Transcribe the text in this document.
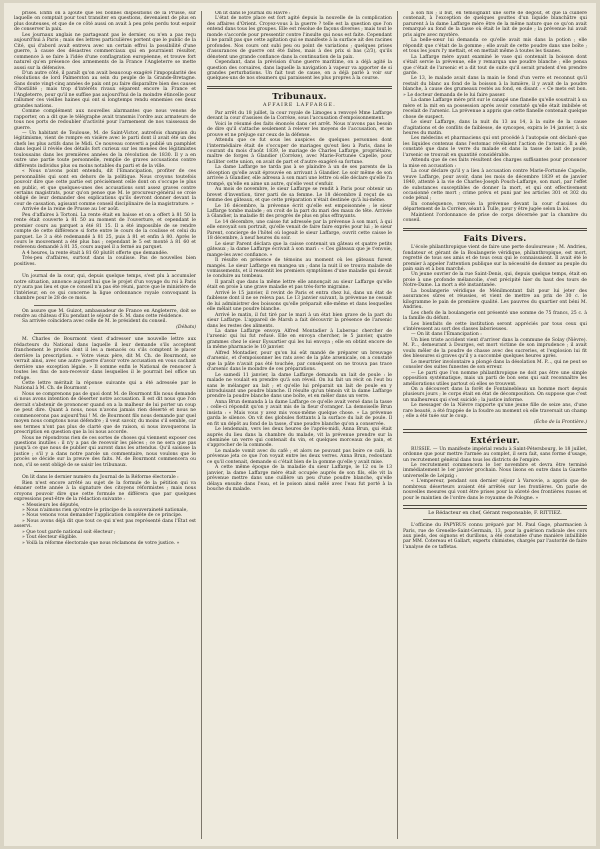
prises. Enfin on a ajouté que les bonnes dispositions de la Prusse, sur laquelle on comptait pour tout transiter en questions, devenaient de plus en plus douteuses, et que de ce côté aussi on avait à peu près perdu tout espoir de conserver la paix.

Les journaux anglais ne partageant pas le dernier, ou n'en a pas reçu aujourd'hui à Paris ; mais des lettres particulières portent que le public de la Cité, qui d'abord avait entrevu avec un certain effroi la possibilité d'une guerre, à cause des désastres commerciaux qui en pourraient résulter, commence à se faire à l'idée d'une conflagration européenne, et trouve fort naturel qu'en présence des armements de la France l'Angleterre se mette aussi sur la défensive.

D'un autre côté, il paraît qu'on avait beaucoup exagéré l'impopularité des résolutions de lord Palmerston au sein du peuple de la Grande-Bretagne. Sans doute vingt-cinq années de paix ont pu faire disparaître bien des causes d'hostilité ; mais trop d'intérêts rivaux séparent encore la France et l'Angleterre, pour qu'il ne suffise pas aujourd'hui de la moindre étincelle pour rallumer ces vieilles haines qui ont si longtemps rendu ennemies ces deux grandes nations.

Comme complément aux nouvelles alarmantes que nous venons de rapporter, on a dit que le télégraphe avait transmis l'ordre aux armateurs de tous nos ports de redoubler d'activité pour l'armement de nos vaisseaux de guerre.

— Un habitant de Toulouse, M. de Saint-Victor, autrefois champion du légitimisme, vient de rompre en visière avec le parti dont il avait été un des chefs les plus actifs dans le Midi. Ce nouveau converti a publié un pamphlet dans lequel il révèle des détails fort curieux sur les menées des légitimistes toulousains dans les premières années de la révolution de 1830. Il y a en outre une partie toute personnelle, remplie de graves accusations contre différents individus plus ou moins notables du parti et de la ville.

« Nous n'avons point entendu, dit l'Emancipation, profiter de ces personnalités qui sont en dehors de la politique. Nous croyons toutefois pouvoir dire que cette partie est précisément celle dont on s'occupe le plus en public, et que quelques-unes des accusations sont assez graves contre certains magistrats, pour qu'on pense que M. le procureur-général se croie obligé de leur demander des explications qu'ils devront donner devant la cour de cassation, agissant comme conseil disciplinaire de la magistrature. »

Arrivée de la reine de Prusse au 1er août.

Peu d'affaires à Tortoni. La rente était en baisse et on a offert à 81 50 la rente était couverte à 81 50 au moment de l'ouverture, et cependant le premier cours au parquet a été 81 15. Il a été impossible de se rendre compte de cette différence si forte entre le cours de la coulisse et celui du parquet. Le 3 a été redemandé à 81 25, puis à 81 et enfin à 80. Après le cours le mouvement a été plus bas ; cependant le 5 est monté à 81 60 et redevenu demandé à 81 35, cours auquel il a fermé au parquet.

A 4 heures, la rente était à 81 60 plutôt offerte que demandée.

Très-peu d'affaires, surtout dans la coulisse. Pas de nouvelles bien positives.

Un journal de la cour, qui, depuis quelque temps, s'est plu à accumuler notre situation, annonce aujourd'hui que le projet d'un voyage du roi à Paris n'y aura pas lieu et que ce conseil n'a pas été réuni, parce que le ministère de l'intérieur, en ce qui concerne la ligue ordonnance royale convoquant la chambre pour le 28 de ce mois.

On assure que M. Guizot, ambassadeur de France en Angleterre, doit se rendre au château d'Eu pendant le séjour de S. M. dans cette résidence.

Sa arrivée coïncidera avec celle de M. le président du conseil.

(Débats)

M. Charles de Bourmont vient d'adresser une nouvelle lettre aux rédacteurs du National dans laquelle il leur demande s'ils acceptent franchement le procès dont il les a menacés ou s'ils comptent le placer derrière la prescription. « Votre vieux père, dit M. Ch. de Bourmont, se verrait ainsi, avec une autre guerre d'avoir votre accusation en vous cachant derrière une exception légale. » Il somme enfin le National de renoncer à toutes les fins de non-recevoir dans lesquelles il le pourrait bel office un refuge.

Cette lettre méritait la réponse suivante qui a été adressée par le National à M. Ch. de Bourmont :

Nous se comprenons pas de quoi dont M. de Bourmont fils nous demande si nous avons intention de déserter notre accusation. Il est dit nous que l'on devrait s'abstenir de prononcer quand on a la malheur de lui porter un coup ne peut dire. Quant à nous, nous n'avons jamais rien déserté et nous ne commencerons pas aujourd'hui ! M. de Bourmont fils nous demande par quel moyen nous comptons nous défendre ; il veut savoir, du moins s'il semble, car ses termes n'ont pas plus de clarté que de raison, si nous invoquerons la prescription en question que la loi nous accorde.

Nous ne répondrons rien de ces sortes de choses qui viennent exposer ces questions inutiles : il n'y a pas de recevoir les pièces ; ce ne sera que pas jusqu'à ce que nous de publier qui auront dans les attendus. Qu'il saisisse la justice ; s'il y a dans notre parole un commentaire, nous voulons que le procès se décide sur la preuve des faits. M. de Bourmont commencera ou non, s'il se sent obligé de se saisir les tribunaux.

On lit dans le dernier numéro du Journal de la Réforme électorale :

Rien n'est encore arrêté au sujet de la formule de la pétition qui va émaner cette année à la signature des citoyens réformistes ; mais nous croyons pouvoir dire que cette formule ne différera que par quelques expressions peut-être de la rédaction suivante :

« Messieurs les députés,

» Nous n'aimons rien qu'entre le principe de la souveraineté nationale,

» Nous venons vous demander l'application complète de ce principe.

» Nous avons déjà dit que tout ce qui n'est pas représenté dans l'État est asservi.

» Que tout garde national soit électeur ;

» Tout électeur éligible.

» Voilà la réforme électorale que nous réclamons de votre justice. »

On lit dans le Journal du Havre :

L'état de notre place est fort agité depuis la nouvelle de la complication des affaires d'Orient. Croyez-vous à la guerre ? telle est la question que l'on entend dans tous les groupes. Elle est résolue de façons diverses ; mais tout le monde s'accorde pour pressentir contre l'insulte qui nous est faite. Cependant il ne paraît pas que cette agitation qui se manifeste à la surface ait des racines profondes. Nos cours ont subi peu ou point de variations ; quelques prises d'assurances de guerre ont été faites, mais à des prix si bas (2/3), qu'ils dénotent une grande confiance dans la continuation de la paix.

Cependant, dans la prévision d'une guerre maritime, on a déjà agité la question des corsaires, dans laquelle la navigation à vapeur va apporter de si grandes perturbations. Un fait tout de cause, on a déjà parlé à voir sur quelques-uns de nos steamers qui paraissent les plus propres à la course.

Tribunaux.
AFFAIRE LAFFARGE.

Par arrêt du 18 juillet, la cour royale de Limoges a renvoyé Mme Laffarge devant la cour d'assises de la Corrèze, sous l'accusation d'empoisonnement.

Voici le résumé des faits énoncés dans cet arrêt. Nous n'avons pas besoin de dire qu'il s'attache seulement à relever les moyens de l'accusation, et ne prouve et ne préjuge sur ceux de la défense.

Attendu que ce fut sous les auspices de quelques personnes dont l'intermédiaire était de s'occuper de mariages qu'eut lieu à Paris, dans le courant du mois d'août 1839, le mariage de Charles Laffarge, propriétaire, maître de forges à Glandier (Corrèze), avec Marie-Fortunée Capelle, pour faciliter cette union, on avait de part et d'autre exagéré sa fortune.

La dame Laffarge ne tarda pas à se plaindre à un de ses parents de la déception qu'elle avait éprouvée en arrivant à Glandier. Le soir même de son arrivée à Glandier, elle adressa à son mari une lettre où elle déclare qu'elle l'a trompé, qu'elle en aime un autre, qu'elle veut s'enfuir.

Au mois de novembre, le sieur Laffarge se rendit à Paris pour obtenir un brevet d'invention, tirer parti de sa femme. Le 18 décembre il reçut de sa femme des gâteaux, et que cette préparation n'était destinée qu'à lui-même.

Le 16 décembre, la prévenue écrit qu'elle est empoisonnée ; le sieur Laffarge tombe malade ; on croit de la part du mari des maux de tête. Arrivée à Glandier, la maladie fit des progrès de plus en plus effrayants.

Le 14 décembre, une caisse fut adressée par la prévenue à son mari, à qui elle envoyait son portrait, qu'elle venait de faire faire exprès pour lui ; le sieur Parent, concierge de l'hôtel où logeait le sieur Laffarge, ouvrit cette caisse le 18 décembre, à neuf heures du soir.

Le sieur Parent déclara que la caisse contenait un gâteau et quatre petits gâteaux ; la dame Laffarge écrivait à son mari : « Ces gâteaux que je t'envoie, mange-les avec confiance. »

Il résulte en présence de témoins au moment où les gâteaux furent mangés. Le sieur Laffarge en mangea un ; dans la nuit il se trouva malade de vomissements, et il ressentit les premiers symptômes d'une maladie qui devait le conduire au tombeau.

Il paraît que dans la même lettre elle annonçait au sieur Laffarge qu'elle était en proie à une grave maladie et pas très-forte migraine.

Arrivé le 15 janvier, il revint de Paris et entra chez lui, dans un état de faiblesse dont il ne se releva pas. Le 13 janvier suivant, la prévenue ne cessait de lui administrer des boissons qu'elle préparait elle-même et dans lesquelles elle mêlait une poudre blanche.

Arrivé le matin, il fut tiré par le mari à un état bien grave de la part du sieur Laffarge. L'appareil de Marsh a fait découvrir la présence de l'arsenic dans les restes des aliments.

La dame Laffarge envoya Alfred Montadier à Lubersac chercher de l'arsenic qui lui fut refusé. Elle en envoya chercher, le 5 janvier, quatre grammes chez le sieur Eyssartier qui les lui envoya ; elle en obtint encore de la même pharmacie le 10 janvier.

Alfred Montadier, pour qu'on lui eût mandé de préparer un breuvage d'arsenic, et d'empoisonner les rats avec de la pâte arsenicale, on a constaté que la pâte n'avait pas été touchée, par conséquent on ne trouva pas trace d'arsenic dans le moindre de ces préparations.

Le samedi 11 janvier, la dame Laffarge demanda un lait de poule : le malade ne voulait en prendre qu'à son réveil. On lui fait un récit on l'eut bu sans le mélanger au lait ; et qu'elle lui préparait un lait de poule en y introduisant une poudre blanche. Il résulte qu'un témoin vit la dame Laffarge prendre la poudre blanche dans une boîte, et en mêler dans un verre.

Anna Brun demanda à la dame Laffarge ce qu'elle avait versé dans la tasse : celle-ci répondit qu'on y avait mis de la fleur d'oranger. La demoiselle Brun insista : « Mais vous y avez mis vous-même quelque chose. » La prévenue garda le silence. On vit des globules flottants à la surface du lait de poule. Il en fit un dépôt au fond de la tasse, d'une poudre blanche qu'on a conservée.

Le lendemain, vers les deux heures de l'après-midi, Anna Brun, qui était auprès du lieu dans la chambre du malade, vit la prévenue prendre sur la cheminée un verre qui contenait du vin, et quelques morceaux de pain, et s'approcher de la commode.

Le malade vomit avec du café ; et alors ne pouvant pas boire ce café, la prévenue jeta ce que l'on voyait entre les deux verres. Anna Brun, redoutant ce qu'il contenait, demande si c'était bien de la gomme qu'elle y avait mise.

A cette même époque de la maladie du sieur Laffarge, le 12 ou le 13 janvier, la dame Laffarge mère était occupée auprès de son fils, elle vit la prévenue mettre dans une cuillère un peu d'une poudre blanche, qu'elle délaya ensuite dans l'eau, et le poison ainsi mêlé avec l'eau fut porté à la bouche du malade.

à son fils ; il but, en témoignant une sorte de dégoût, et que la cuillère contenait, à l'exception de quelques gouttes d'un liquide blanchâtre qui parurent à la dame Laffarge mère être de la même nature que ce qu'on avait remarqué au fond de la tasse où était le lait de poule ; la prévenue lui avait pris aigre avec mystère.

La belle-sœur lui demanda ce qu'elle avait mis dans la potion ; elle répondit que c'était de la gomme ; elle avait de cette poudre dans une boîte ; et tous les jours l'y mettait, et en mettait même à toutes les tisanes.

La Laffarge mère ayant examiné le vase qui contenait la boisson dont s'était servie la prévenue, elle y remarqua une poudre blanche ; elle pensa que c'était de l'arsenic et a dit tout de suite qu'il serait prudent d'en prendre garde.

Le 13, le malade avait dans la main le fond d'un verre et reconnut qu'il restait du blanc au fond de la boisson à la lumière, il y avait de la poudre blanche, à cause des grumeaux restés au fond, en disant : « Ce mets est bon. » Le docteur demanda de le lui faire passer.

La dame Laffarge mère prit sur le canapé une flanelle qu'elle soustrait à sa mère et la mit en sa possession après avoir constaté qu'elle était imbibée et recelait de l'arsenic. La prévenue a appris que cette flanelle contenait quelque chose de suspect.

Le sieur Laffarge, dans la nuit du 13 au 14, à la suite de la cause d'agitations et de conflits de faiblesse, de syncopes, expira le 14 janvier, à six heures du matin.

Les médecins et pharmaciens qui ont procédé à l'autopsie ont déclaré que les liquides contenus dans l'estomac révélaient l'action de l'arsenic. Il a été constaté que dans le verre du malade et dans la tasse de lait de poule, l'arsenic se trouvait en quantité considérable.

Attendu que de ces faits résultent des charges suffisantes pour prononcer la mise en accusation :

La cour déclare qu'il y a lieu à accusation contre Marie-Fortunée Capelle, veuve Laffarge, pour avoir, dans les mois de décembre 1839 et de janvier 1840, attenté à la vie de Charles-Joseph Pouch-Laffarge, son mari, par l'effet de substances susceptibles de donner la mort, et qui ont effectivement occasionné cette mort ; crime prévu et puni par les articles 301 et 302 du code pénal ;

En conséquence, renvoie la prévenue devant la cour d'assises du département de la Corrèze, séant à Tulle, pour y être jugée selon la loi.

Maintient l'ordonnance de prise de corps décernée par la chambre du conseil.

Faits Divers.

L'école philanthropique vient de faire une perte douloureuse ; M. Andrieu, fondateur et gérant de la Boulangerie véridique, philanthropique, est mort, regretté de tous ses amis et de tous ceux qui le connaissaient. Il avait été le premier à appeler l'attention publique sur la nécessité de donner au peuple du pain sain et à bon marché.

Un jeune ouvrier de la rue Saint-Denis, qui, depuis quelque temps, était en proie à une profonde mélancolie, s'est précipité hier du haut des tours de Notre-Dame. La mort a été instantanée.

La boulangerie véridique de Ménilmontant fait pour lui jeter des assurances sûres et réussies, et vient de mettre au prix de 30 c. le kilogramme le pain de première qualité. Les pauvres du quartier ont béni M. Andrieu.

Les chefs de la boulangerie ont présenté une somme de 75 francs, 25 c. à la famille du défunt.

Les bienfaits de cette institution seront appréciés par tous ceux qui s'intéressent au sort des classes laborieuses.

— On lit dans l'Émancipation :

Un bien triste accident vient d'arriver dans la commune de Solay (Nièvre). M. P..., demeurant à Dourges, est mort victime de son imprudence ; il avait voulu mêler de la poudre de chasse avec des sucreries, et l'explosion lui fit des blessures si graves qu'il y a succombé quelques heures après.

Le meurtrier involontaire a plongé dans la désolation M. P..., qui ne peut se consoler des suites funestes de son erreur.

— Le parti que l'on nomme philanthropique ne doit pas être une simple opposition systématique, mais un parti de bon sens qui sait reconnaître les améliorations utiles partout où elles se trouvent.

On a découvert dans la forêt de Fontainebleau un homme mort depuis plusieurs jours ; le corps était en état de décomposition. On suppose que c'est un malheureux qui s'est suicidé ; la justice informe.

Le messager de la Nièvre rapporte qu'une jeune fille de seize ans, d'une rare beauté, a été frappée de la foudre au moment où elle traversait un champ ; elle a été tuée sur le coup.

(Écho de la Frontière.)

Extérieur.

RUSSIE. — Un manifeste impérial rendu à Saint-Pétersbourg, le 18 juillet, ordonne que pour mettre l'armée au complet, il sera fait, sans forme d'usage, un recrutement général dans tous les districts de l'empire.

Le recrutement commencera le 1er novembre et devra être terminé immédiatement le 1er janvier prochain. Nous lisons en outre dans la Gazette universelle de Leipzig :

« L'empereur, pendant son dernier séjour à Varsovie, a appris que de nombreux déserteurs avaient été arrêtés sur les frontières. On parle de nouvelles mesures qui vont être prises pour la sûreté des frontières russes et pour le maintien de l'ordre dans le royaume de Pologne. »

Le Rédacteur en chef, Gérant responsable, F. RITTIEZ.

L'officine du PAPYRUS connu préparé par M. Paul Gage, pharmacien à Paris, rue de Grenelle-Saint-Germain, 13, pour la guérison radicale des cors aux pieds, des oignons et durillons, a été constatée d'une manière infaillible par MM. Cotereau et Gallart, experts chimistes, chargés par l'autorité de faire l'analyse de ce taffetas.
